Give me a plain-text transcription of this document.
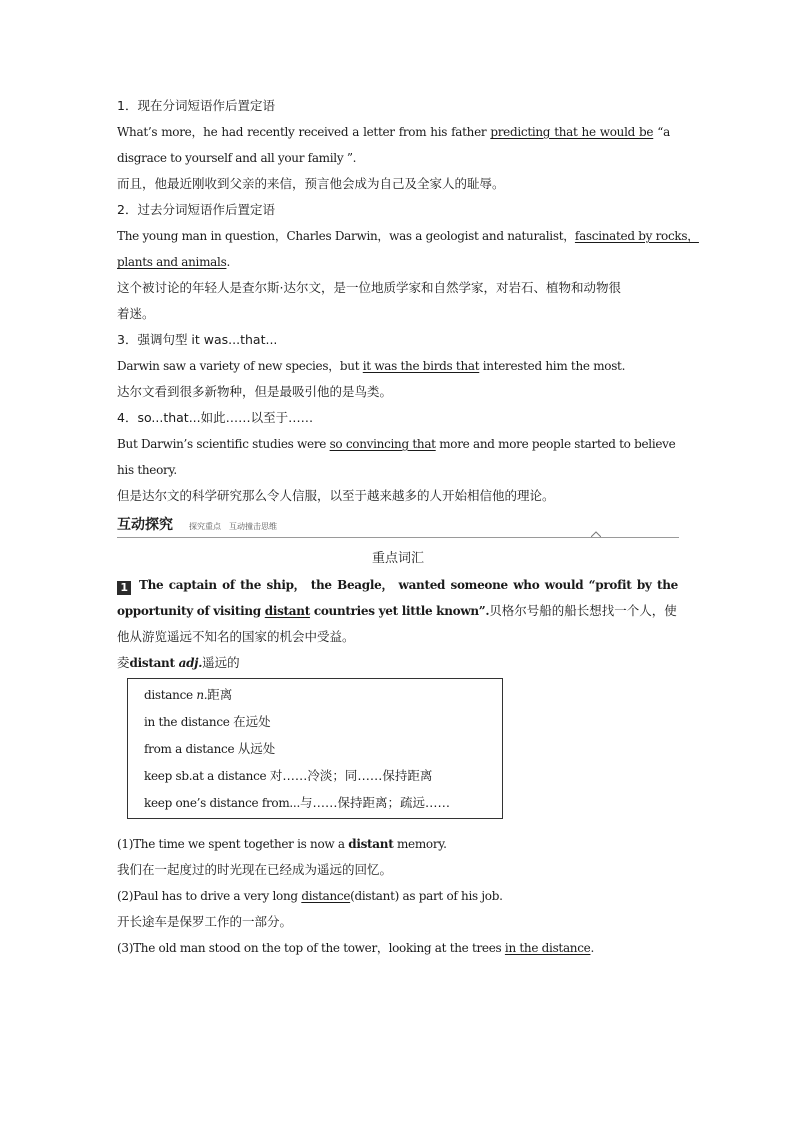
1．现在分词短语作后置定语
What’s more，he had recently received a letter from his father predicting that he would be “a
disgrace to yourself and all your family ”.
而且，他最近刚收到父亲的来信，预言他会成为自己及全家人的耻辱。
2．过去分词短语作后置定语
The young man in question，Charles Darwin，was a geologist and naturalist，fascinated by rocks，
plants and animals.
这个被讨论的年轻人是查尔斯·达尔文，是一位地质学家和自然学家，对岩石、植物和动物很
着迷。
3．强调句型 it was...that...
Darwin saw a variety of new species，but it was the birds that interested him the most.
达尔文看到很多新物种，但是最吸引他的是鸟类。
4．so...that...如此……以至于……
But Darwin’s scientific studies were so convincing that more and more people started to believe
his theory.
但是达尔文的科学研究那么令人信服，以至于越来越多的人开始相信他的理论。
互动探究 探究重点　互动撞击思维
重点词汇
1 The captain of the ship， the Beagle， wanted someone who would “profit by the
opportunity of visiting distant countries yet little known”.贝格尔号船的船长想找一个人，使
他从游览遥远不知名的国家的机会中受益。
夌distant adj.遥远的
distance n.距离
in the distance 在远处
from a distance 从远处
keep sb.at a distance 对……冷淡；同……保持距离
keep one’s distance from...与……保持距离；疏远……
(1)The time we spent together is now a distant memory.
我们在一起度过的时光现在已经成为遥远的回忆。
(2)Paul has to drive a very long distance(distant) as part of his job.
开长途车是保罗工作的一部分。
(3)The old man stood on the top of the tower，looking at the trees in the distance.
